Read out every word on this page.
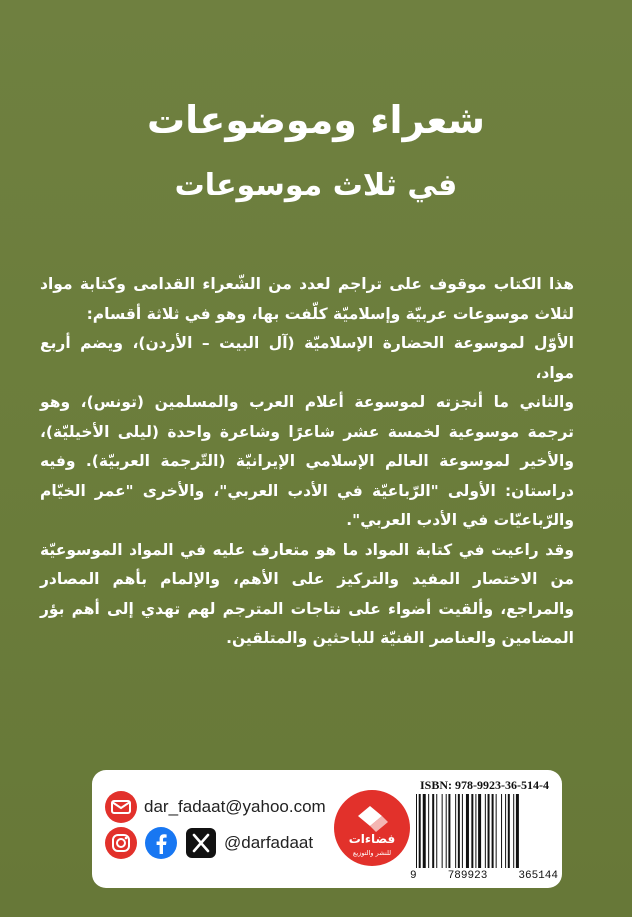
شعراء وموضوعات
في ثلاث موسوعات

هذا الكتاب موقوف على تراجم لعدد من الشّعراء القدامى وكتابة مواد لثلاث موسوعات عربيّة وإسلاميّة كلّفت بها، وهو في ثلاثة أقسام:

الأوّل لموسوعة الحضارة الإسلاميّة (آل البيت – الأردن)، ويضم أربع مواد،

والثاني ما أنجزته لموسوعة أعلام العرب والمسلمين (تونس)، وهو ترجمة موسوعية لخمسة عشر شاعرًا وشاعرة واحدة (ليلى الأخيليّة)، والأخير لموسوعة العالم الإسلامي الإيرانيّة (التّرجمة العربيّة). وفيه دراستان: الأولى "الرّباعيّة في الأدب العربي"، والأخرى "عمر الخيّام والرّباعيّات في الأدب العربي".

وقد راعيت في كتابة المواد ما هو متعارف عليه في المواد الموسوعيّة من الاختصار المفيد والتركيز على الأهم، والإلمام بأهم المصادر والمراجع، وألقيت أضواء على نتاجات المترجم لهم تهدي إلى أهم بؤر المضامين والعناصر الفنيّة للباحثين والمتلقين.

dar_fadaat@yahoo.com
@darfadaat	فضاءات
للنشر والتوزيع
ISBN: 978-9923-36-514-4
9	789923	365144
